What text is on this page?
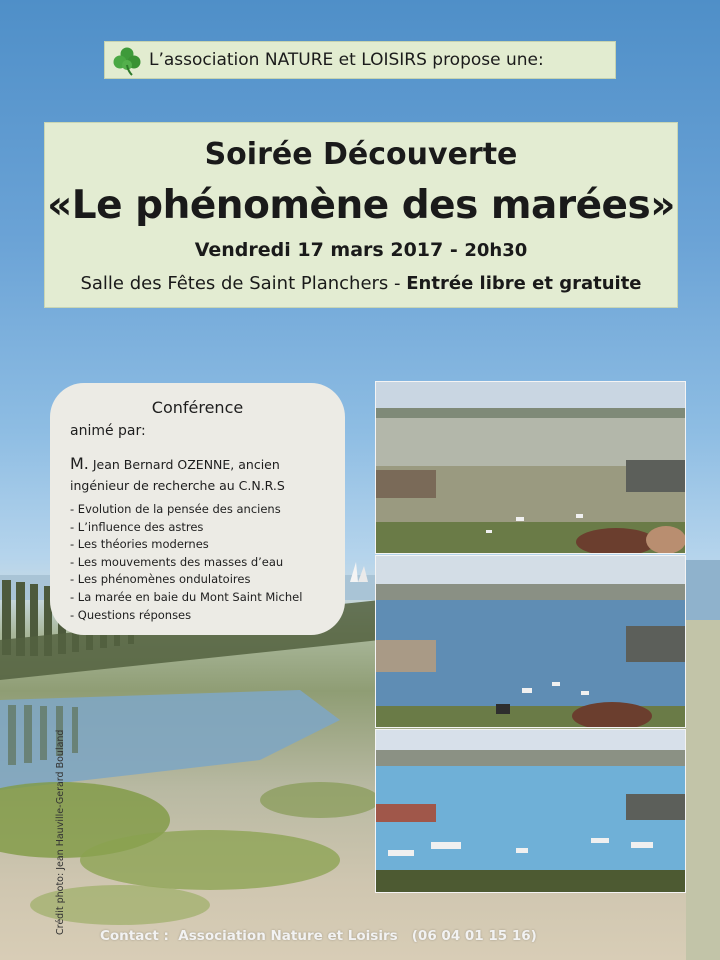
L’association NATURE et LOISIRS propose une:
Soirée Découverte
«Le phénomène des marées»
Vendredi 17 mars 2017 - 20h30
Salle des Fêtes de Saint Planchers - Entrée libre et gratuite
Conférence
animé par:
M. Jean Bernard OZENNE, ancien ingénieur de recherche au C.N.R.S
- Evolution de la pensée des anciens
- L’influence des astres
- Les théories modernes
- Les mouvements des masses d’eau
- Les phénomènes ondulatoires
- La marée en baie du Mont Saint Michel
- Questions réponses
Crédit photo: Jean Hauville-Gerard Bouland
Contact :  Association Nature et Loisirs   (06 04 01 15 16)
